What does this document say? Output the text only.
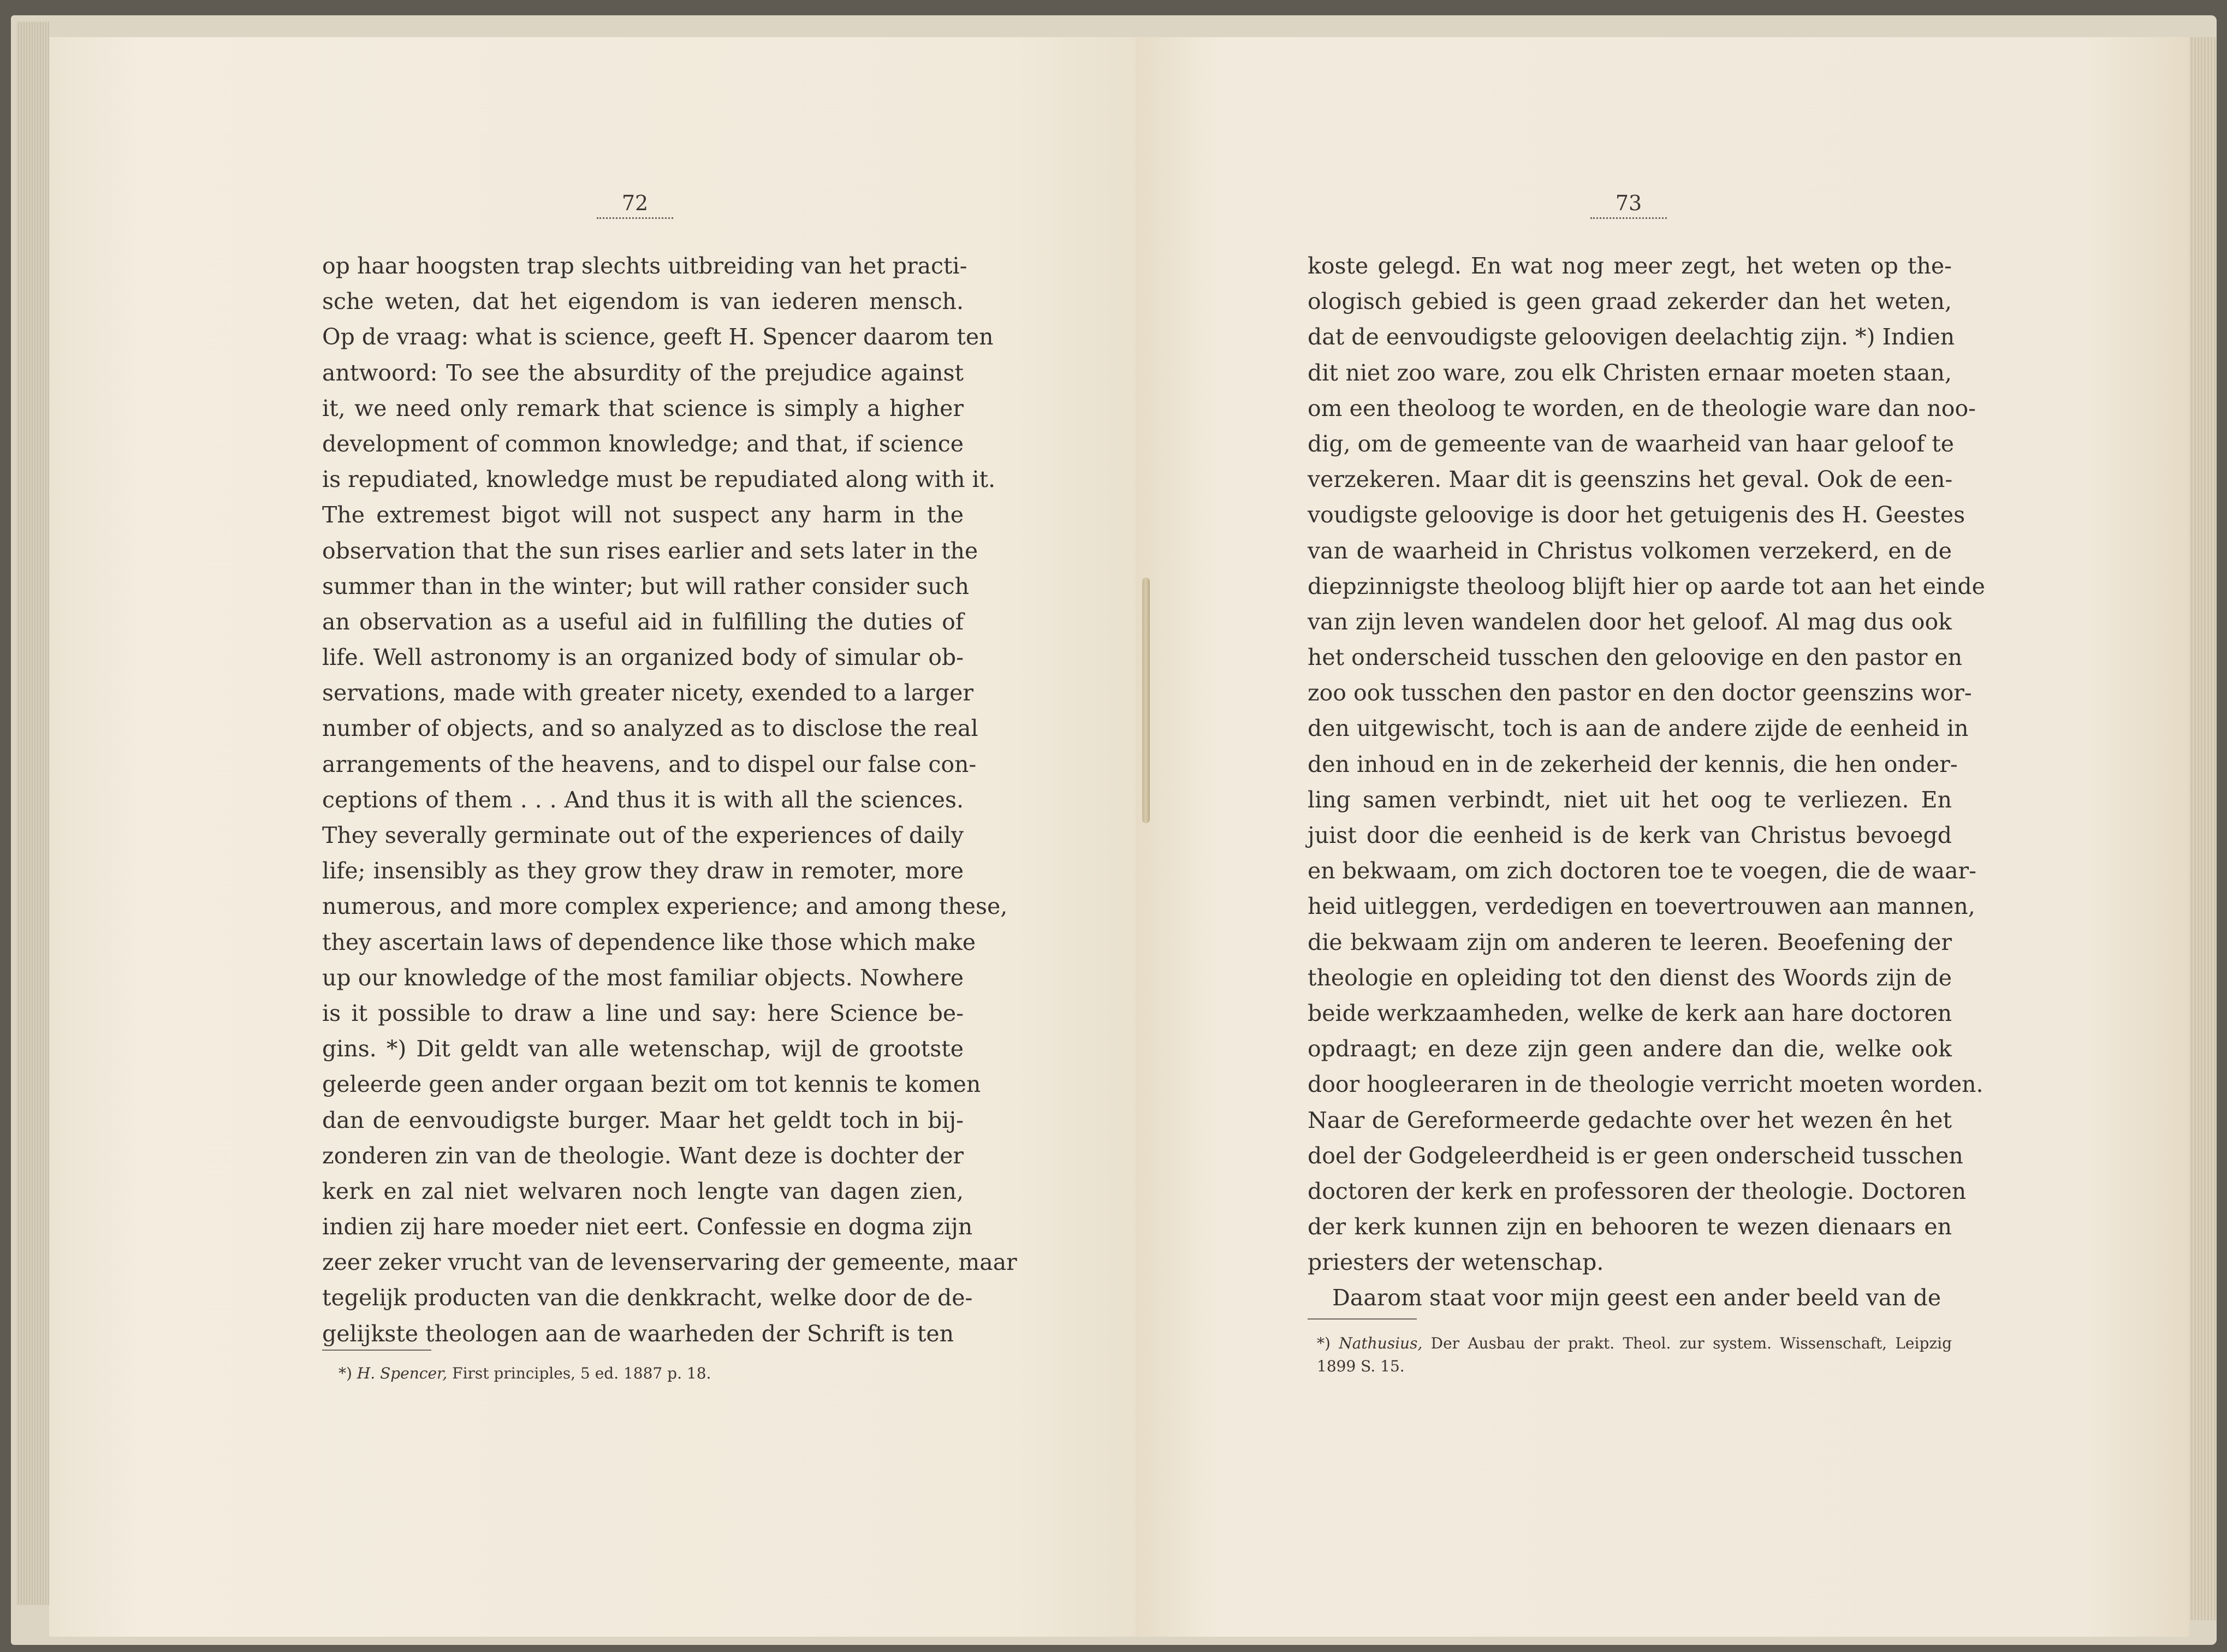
72	73
op haar hoogsten trap slechts uitbreiding van het practi-
sche weten, dat het eigendom is van iederen mensch.
Op de vraag: what is science, geeft H. Spencer daarom ten
antwoord: To see the absurdity of the prejudice against
it, we need only remark that science is simply a higher
development of common knowledge; and that, if science
is repudiated, knowledge must be repudiated along with it.
The extremest bigot will not suspect any harm in the
observation that the sun rises earlier and sets later in the
summer than in the winter; but will rather consider such
an observation as a useful aid in fulfilling the duties of
life. Well astronomy is an organized body of simular ob-
servations, made with greater nicety, exended to a larger
number of objects, and so analyzed as to disclose the real
arrangements of the heavens, and to dispel our false con-
ceptions of them . . . And thus it is with all the sciences.
They severally germinate out of the experiences of daily
life; insensibly as they grow they draw in remoter, more
numerous, and more complex experience; and among these,
they ascertain laws of dependence like those which make
up our knowledge of the most familiar objects. Nowhere
is it possible to draw a line und say: here Science be-
gins. *) Dit geldt van alle wetenschap, wijl de grootste
geleerde geen ander orgaan bezit om tot kennis te komen
dan de eenvoudigste burger. Maar het geldt toch in bij-
zonderen zin van de theologie. Want deze is dochter der
kerk en zal niet welvaren noch lengte van dagen zien,
indien zij hare moeder niet eert. Confessie en dogma zijn
zeer zeker vrucht van de levenservaring der gemeente, maar
tegelijk producten van die denkkracht, welke door de de-
gelijkste theologen aan de waarheden der Schrift is ten
*) H. Spencer, First principles, 5 ed. 1887 p. 18.
koste gelegd. En wat nog meer zegt, het weten op the-
ologisch gebied is geen graad zekerder dan het weten,
dat de eenvoudigste geloovigen deelachtig zijn. *) Indien
dit niet zoo ware, zou elk Christen ernaar moeten staan,
om een theoloog te worden, en de theologie ware dan noo-
dig, om de gemeente van de waarheid van haar geloof te
verzekeren. Maar dit is geenszins het geval. Ook de een-
voudigste geloovige is door het getuigenis des H. Geestes
van de waarheid in Christus volkomen verzekerd, en de
diepzinnigste theoloog blijft hier op aarde tot aan het einde
van zijn leven wandelen door het geloof. Al mag dus ook
het onderscheid tusschen den geloovige en den pastor en
zoo ook tusschen den pastor en den doctor geenszins wor-
den uitgewischt, toch is aan de andere zijde de eenheid in
den inhoud en in de zekerheid der kennis, die hen onder-
ling samen verbindt, niet uit het oog te verliezen. En
juist door die eenheid is de kerk van Christus bevoegd
en bekwaam, om zich doctoren toe te voegen, die de waar-
heid uitleggen, verdedigen en toevertrouwen aan mannen,
die bekwaam zijn om anderen te leeren. Beoefening der
theologie en opleiding tot den dienst des Woords zijn de
beide werkzaamheden, welke de kerk aan hare doctoren
opdraagt; en deze zijn geen andere dan die, welke ook
door hoogleeraren in de theologie verricht moeten worden.
Naar de Gereformeerde gedachte over het wezen ên het
doel der Godgeleerdheid is er geen onderscheid tusschen
doctoren der kerk en professoren der theologie. Doctoren
der kerk kunnen zijn en behooren te wezen dienaars en
priesters der wetenschap.
Daarom staat voor mijn geest een ander beeld van de
*) Nathusius, Der Ausbau der prakt. Theol. zur system. Wissenschaft, Leipzig
1899 S. 15.
